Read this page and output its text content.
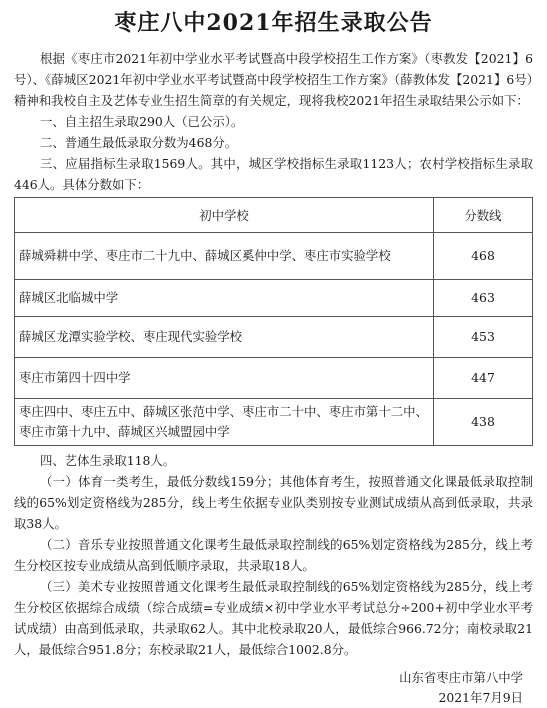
枣庄八中2021年招生录取公告

根据《枣庄市2021年初中学业水平考试暨高中段学校招生工作方案》（枣教发【2021】6号）、《薛城区2021年初中学业水平考试暨高中段学校招生工作方案》（薛教体发【2021】6号）精神和我校自主及艺体专业生招生简章的有关规定，现将我校2021年招生录取结果公示如下：

一、自主招生录取290人（已公示）。

二、普通生最低录取分数为468分。

三、应届指标生录取1569人。其中，城区学校指标生录取1123人；农村学校指标生录取446人。具体分数如下：

初中学校	分数线
薛城舜耕中学、枣庄市二十九中、薛城区奚仲中学、枣庄市实验学校	468
薛城区北临城中学	463
薛城区龙潭实验学校、枣庄现代实验学校	453
枣庄市第四十四中学	447
枣庄四中、枣庄五中、薛城区张范中学、枣庄市二十中、枣庄市第十二中、枣庄市第十九中、薛城区兴城盟园中学	438

四、艺体生录取118人。

（一）体育一类考生，最低分数线159分；其他体育考生，按照普通文化课最低录取控制线的65%划定资格线为285分，线上考生依据专业队类别按专业测试成绩从高到低录取，共录取38人。

（二）音乐专业按照普通文化课考生最低录取控制线的65%划定资格线为285分，线上考生分校区按专业成绩从高到低顺序录取，共录取18人。

（三）美术专业按照普通文化课考生最低录取控制线的65%划定资格线为285分，线上考生分校区依据综合成绩（综合成绩=专业成绩×初中学业水平考试总分÷200+初中学业水平考试成绩）由高到低录取，共录取62人。其中北校录取20人，最低综合966.72分；南校录取21人，最低综合951.8分；东校录取21人，最低综合1002.8分。

山东省枣庄市第八中学
2021年7月9日
